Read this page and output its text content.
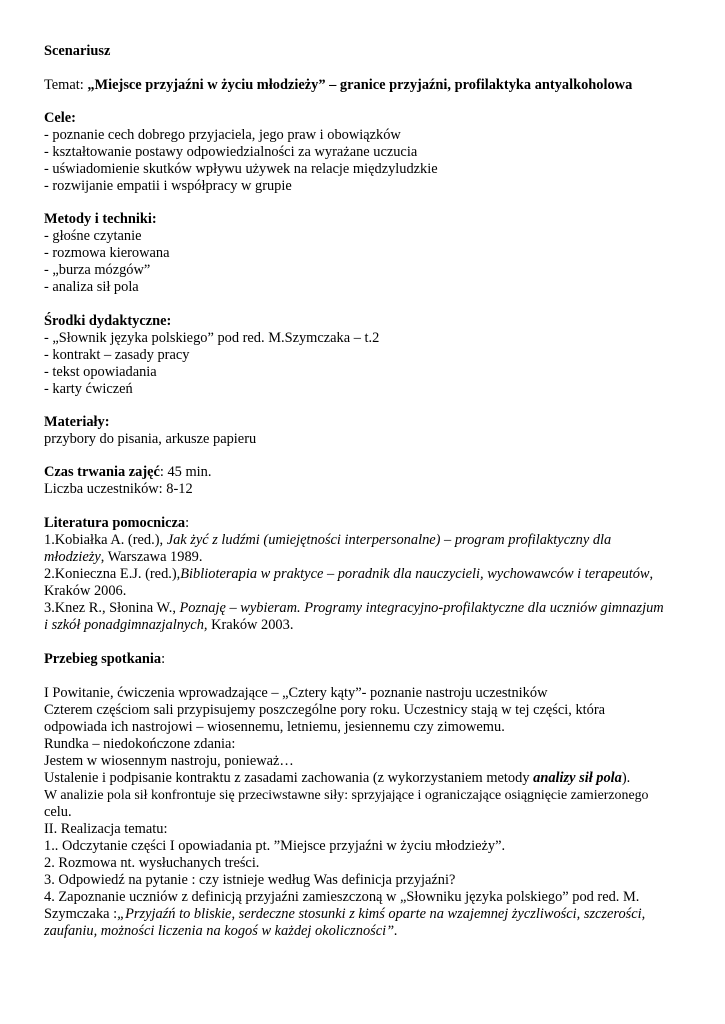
Scenariusz
Temat: „Miejsce przyjaźni w życiu młodzieży” – granice przyjaźni, profilaktyka antyalkoholowa
Cele:
- poznanie cech dobrego przyjaciela, jego praw i obowiązków
- kształtowanie postawy odpowiedzialności za wyrażane uczucia
- uświadomienie skutków wpływu używek na relacje międzyludzkie
- rozwijanie empatii i współpracy w grupie
Metody i techniki:
- głośne czytanie
- rozmowa kierowana
- „burza mózgów”
- analiza sił pola
Środki dydaktyczne:
- „Słownik języka polskiego” pod red. M.Szymczaka – t.2
- kontrakt – zasady pracy
- tekst opowiadania
- karty ćwiczeń
Materiały:
przybory do pisania, arkusze papieru
Czas trwania zajęć: 45 min.
Liczba uczestników: 8-12
Literatura pomocnicza:
1.Kobiałka A. (red.), Jak żyć z ludźmi (umiejętności interpersonalne) – program profilaktyczny dla
młodzieży, Warszawa 1989.
2.Konieczna E.J. (red.),Biblioterapia w praktyce – poradnik dla nauczycieli, wychowawców i terapeutów,
Kraków 2006.
3.Knez R., Słonina W., Poznaję – wybieram. Programy integracyjno-profilaktyczne dla uczniów gimnazjum
i szkół ponadgimnazjalnych, Kraków 2003.
Przebieg spotkania:
I Powitanie, ćwiczenia wprowadzające – „Cztery kąty”- poznanie nastroju uczestników
Czterem częściom sali przypisujemy poszczególne pory roku. Uczestnicy stają w tej części, która
odpowiada ich nastrojowi – wiosennemu, letniemu, jesiennemu czy zimowemu.
Rundka – niedokończone zdania:
Jestem w wiosennym nastroju, ponieważ…
Ustalenie i podpisanie kontraktu z zasadami zachowania (z wykorzystaniem metody analizy sił pola).
W analizie pola sił konfrontuje się przeciwstawne siły: sprzyjające i ograniczające osiągnięcie zamierzonego
celu.
II. Realizacja tematu:
1.. Odczytanie części I opowiadania pt. ”Miejsce przyjaźni w życiu młodzieży”.
2. Rozmowa nt. wysłuchanych treści.
3. Odpowiedź na pytanie : czy istnieje według Was definicja przyjaźni?
4. Zapoznanie uczniów z definicją przyjaźni zamieszczoną w „Słowniku języka polskiego” pod red. M.
Szymczaka :„Przyjaźń to bliskie, serdeczne stosunki z kimś oparte na wzajemnej życzliwości, szczerości,
zaufaniu, możności liczenia na kogoś w każdej okoliczności”.
